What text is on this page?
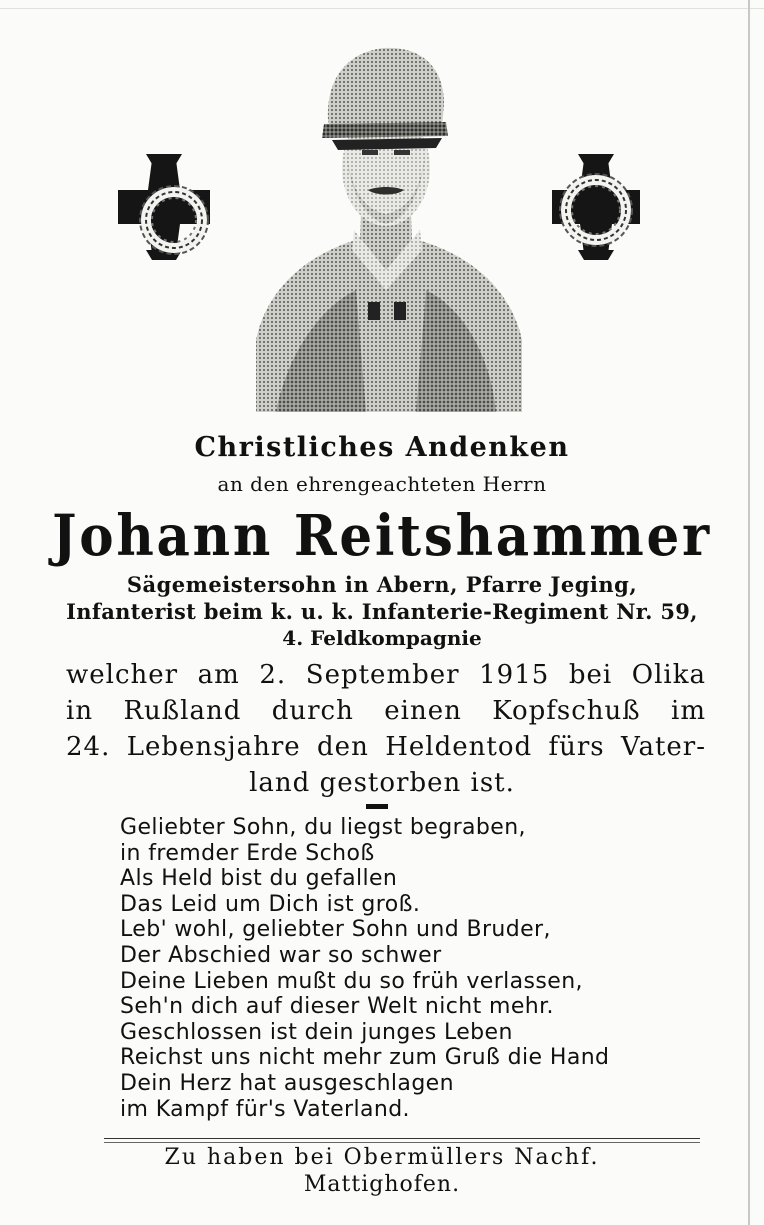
Christliches Andenken
an den ehrengeachteten Herrn
Johann Reitshammer
Sägemeistersohn in Abern, Pfarre Jeging,
Infanterist beim k. u. k. Infanterie-Regiment Nr. 59,
4. Feldkompagnie
welcher am 2. September 1915 bei Olika
in Rußland durch einen Kopfschuß im
24. Lebensjahre den Heldentod fürs Vater-
land gestorben ist.
Geliebter Sohn, du liegst begraben,
in fremder Erde Schoß
Als Held bist du gefallen
Das Leid um Dich ist groß.
Leb' wohl, geliebter Sohn und Bruder,
Der Abschied war so schwer
Deine Lieben mußt du so früh verlassen,
Seh'n dich auf dieser Welt nicht mehr.
Geschlossen ist dein junges Leben
Reichst uns nicht mehr zum Gruß die Hand
Dein Herz hat ausgeschlagen
im Kampf für's Vaterland.
Zu haben bei Obermüllers Nachf.
Mattighofen.
